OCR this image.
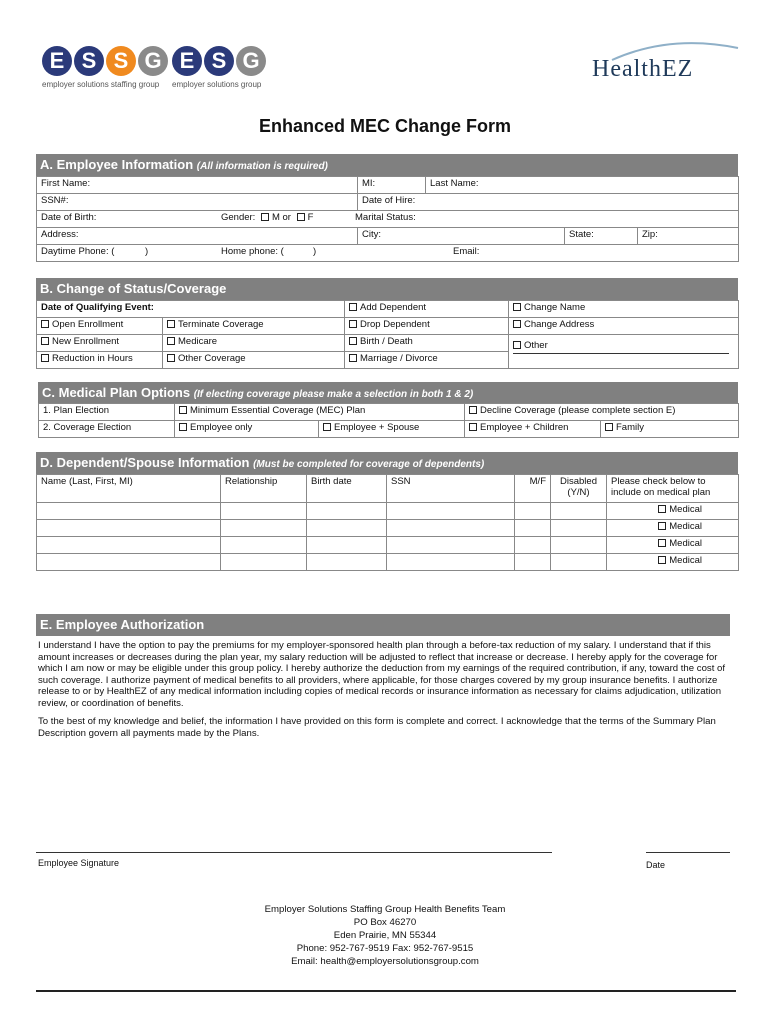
E S S G
employer solutions staffing group
E S G
employer solutions group
HealthEZ
Enhanced MEC Change Form
A. Employee Information (All information is required)
First Name:	MI:	Last Name:		
SSN#:	Date of Hire:			
Date of Birth: Gender: M or F Marital Status:				

Address:	City:		State:	Zip:
Daytime Phone: ( ) Home phone: ( ) Email:				
B. Change of Status/Coverage
Date of Qualifying Event:		Add Dependent	Change Name
Open Enrollment	Terminate Coverage	Drop Dependent	Change Address
New Enrollment	Medicare	Birth / Death	Other

Reduction in Hours	Other Coverage	Marriage / Divorce	
C. Medical Plan Options (If electing coverage please make a selection in both 1 & 2)
1. Plan Election	Minimum Essential Coverage (MEC) Plan		Decline Coverage (please complete section E)	
2. Coverage Election	Employee only	Employee + Spouse	Employee + Children	Family
D. Dependent/Spouse Information (Must be completed for coverage of dependents)
Name (Last, First, MI)	Relationship	Birth date	SSN	M/F	Disabled (Y/N)	Please check below to include on medical plan
						Medical
						Medical
						Medical
						Medical
E. Employee Authorization

I understand I have the option to pay the premiums for my employer-sponsored health plan through a before-tax reduction of my salary. I understand that if this amount increases or decreases during the plan year, my salary reduction will be adjusted to reflect that increase or decrease. I hereby apply for the coverage for which I am now or may be eligible under this group policy. I hereby authorize the deduction from my earnings of the required contribution, if any, toward the cost of such coverage. I authorize payment of medical benefits to all providers, where applicable, for those charges covered by my group insurance benefits. I authorize release to or by HealthEZ of any medical information including copies of medical records or insurance information as necessary for claims adjudication, utilization review, or coordination of benefits.

To the best of my knowledge and belief, the information I have provided on this form is complete and correct. I acknowledge that the terms of the Summary Plan Description govern all payments made by the Plans.

Employee Signature	Date
Employer Solutions Staffing Group Health Benefits Team
PO Box 46270
Eden Prairie, MN 55344
Phone: 952-767-9519 Fax: 952-767-9515
Email: health@employersolutionsgroup.com
